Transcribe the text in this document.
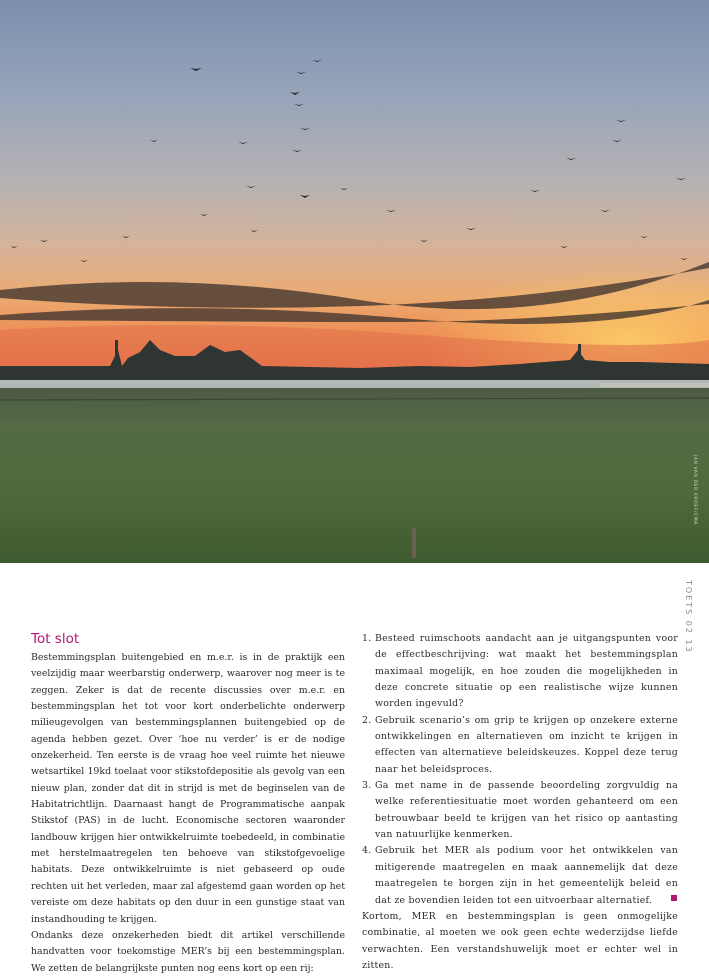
JAN VAN DER KROEF/CMA
TOETS 02 13
Tot slot

Bestemmingsplan buitengebied en m.e.r. is in de praktijk een veelzijdig maar weerbarstig onderwerp, waarover nog meer is te zeggen. Zeker is dat de recente discussies over m.e.r. en bestemmingsplan het tot voor kort onderbelichte onderwerp milieugevolgen van bestemmingsplannen buitengebied op de agenda hebben gezet. Over ‘hoe nu verder’ is er de nodige onzekerheid. Ten eerste is de vraag hoe veel ruimte het nieuwe wetsartikel 19kd toelaat voor stikstofdepositie als gevolg van een nieuw plan, zonder dat dit in strijd is met de beginselen van de Habitatrichtlijn. Daarnaast hangt de Programmatische aanpak Stikstof (PAS) in de lucht. Economische sectoren waaronder landbouw krijgen hier ontwikkelruimte toebedeeld, in combinatie met herstelmaatregelen ten behoeve van stikstofgevoelige habitats. Deze ontwikkelruimte is niet gebaseerd op oude rechten uit het verleden, maar zal afgestemd gaan worden op het vereiste om deze habitats op den duur in een gunstige staat van instandhouding te krijgen.

Ondanks deze onzekerheden biedt dit artikel verschillende handvatten voor toekomstige MER’s bij een bestemmingsplan. We zetten de belangrijkste punten nog eens kort op een rij:

1. Besteed ruimschoots aandacht aan je uitgangspunten voor de effectbeschrijving: wat maakt het bestemmingsplan maximaal mogelijk, en hoe zouden die mogelijkheden in deze concrete situatie op een realistische wijze kunnen worden ingevuld?
2. Gebruik scenario’s om grip te krijgen op onzekere externe ontwikkelingen en alternatieven om inzicht te krijgen in effecten van alternatieve beleidskeuzes. Koppel deze terug naar het beleidsproces.
3. Ga met name in de passende beoordeling zorgvuldig na welke referentiesituatie moet worden gehanteerd om een betrouwbaar beeld te krijgen van het risico op aantasting van natuurlijke kenmerken.
4. Gebruik het MER als podium voor het ontwikkelen van mitigerende maatregelen en maak aannemelijk dat deze maatregelen te borgen zijn in het gemeentelijk beleid en dat ze bovendien leiden tot een uitvoerbaar alternatief.

Kortom, MER en bestemmingsplan is geen onmogelijke combinatie, al moeten we ook geen echte wederzijdse liefde verwachten. Een verstandshuwelijk moet er echter wel in zitten.
